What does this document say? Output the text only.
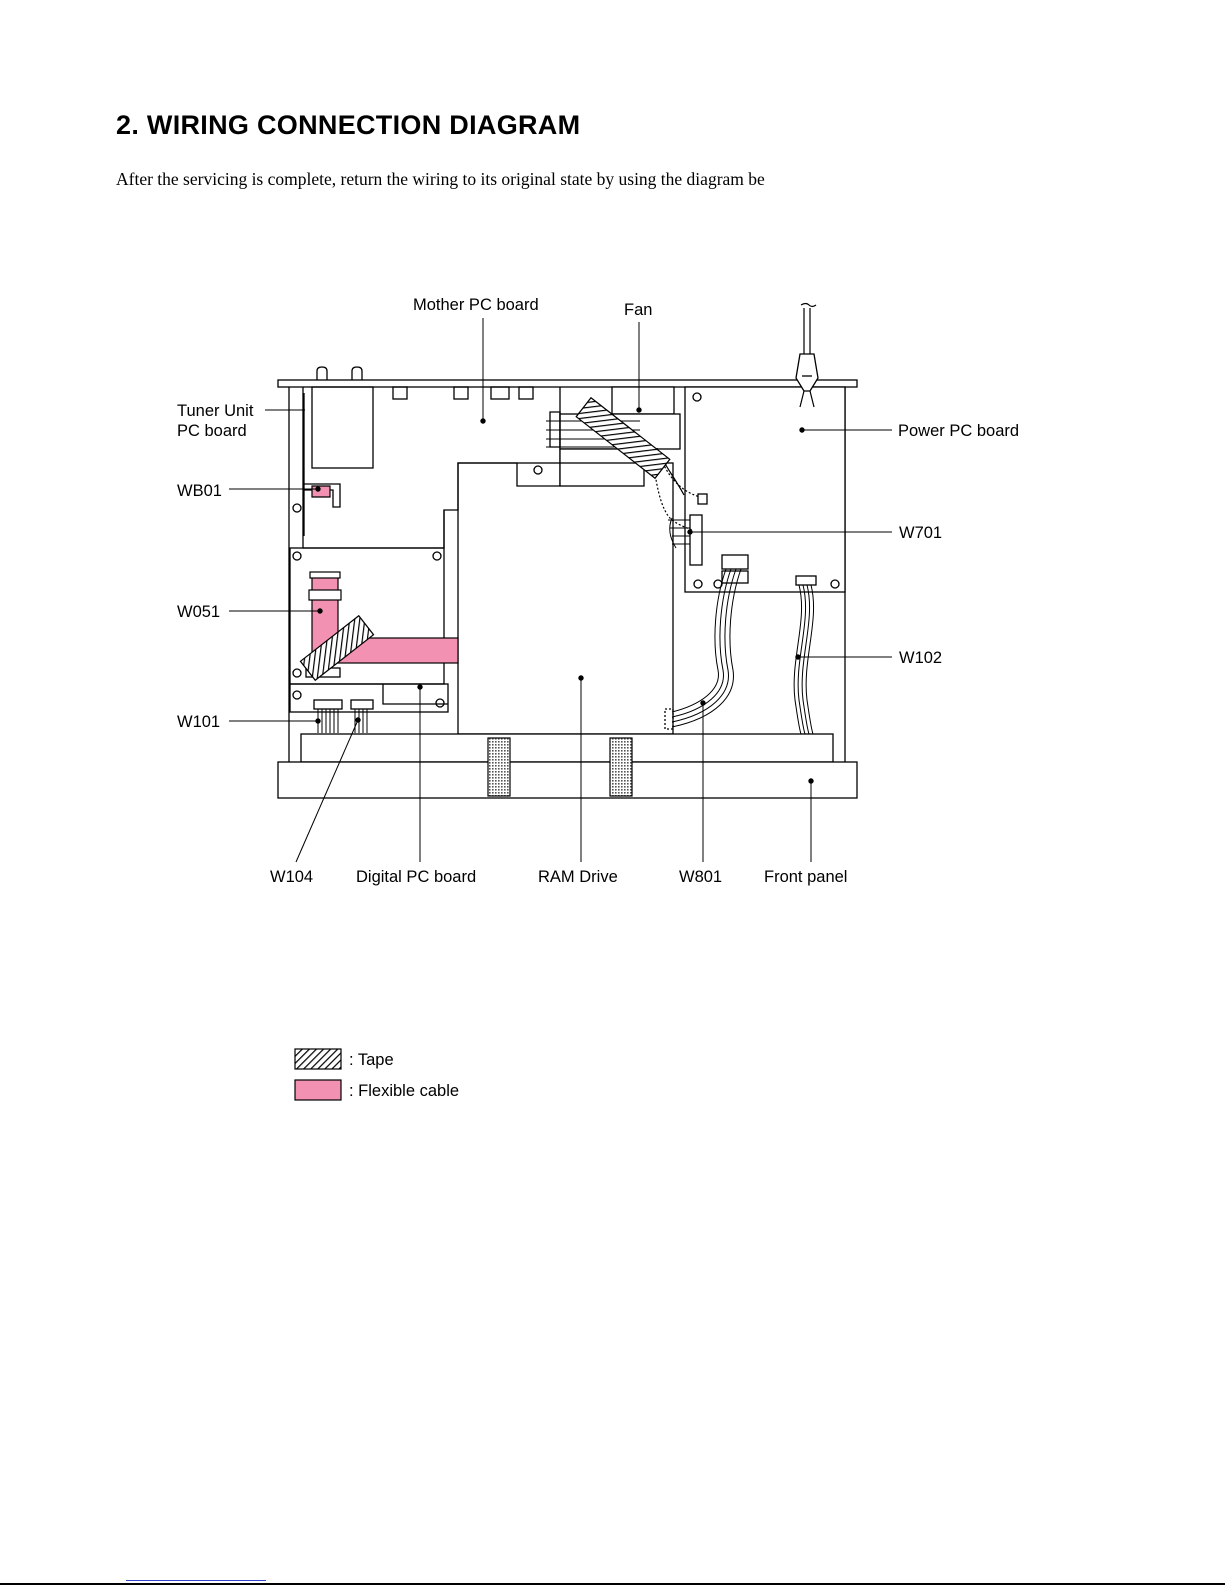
2. WIRING CONNECTION DIAGRAM

After the servicing is complete, return the wiring to its original state by using the diagram be

Mother PC board	Fan
Tuner Unit
PC board	Power PC board
WB01
W701
W051
W102
W101
W104	Digital PC board	RAM Drive	W801	Front panel
: Tape
: Flexible cable
